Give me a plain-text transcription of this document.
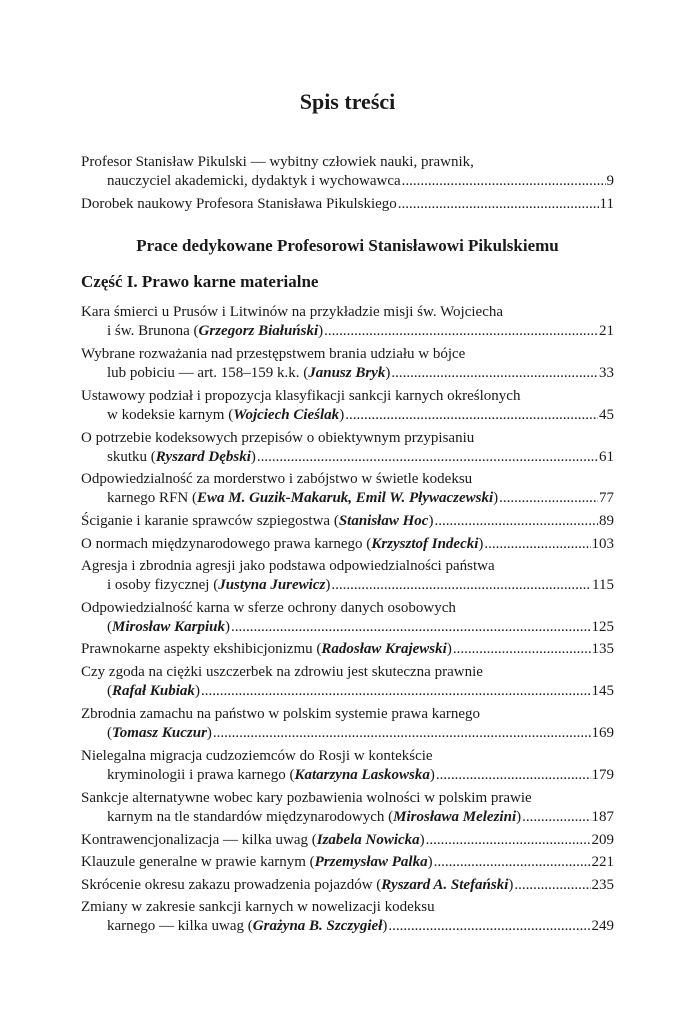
Spis treści
Profesor Stanisław Pikulski — wybitny człowiek nauki, prawnik,
nauczyciel akademicki, dydaktyk i wychowawca .....	9
Dorobek naukowy Profesora Stanisława Pikulskiego .....	11
Prace dedykowane Profesorowi Stanisławowi Pikulskiemu
Część I. Prawo karne materialne
Kara śmierci u Prusów i Litwinów na przykładzie misji św. Wojciecha
i św. Brunona (Grzegorz Białuński) .....	21
Wybrane rozważania nad przestępstwem brania udziału w bójce
lub pobiciu — art. 158–159 k.k. (Janusz Bryk) .....	33
Ustawowy podział i propozycja klasyfikacji sankcji karnych określonych
w kodeksie karnym (Wojciech Cieślak) .....	45
O potrzebie kodeksowych przepisów o obiektywnym przypisaniu
skutku (Ryszard Dębski) .....	61
Odpowiedzialność za morderstwo i zabójstwo w świetle kodeksu
karnego RFN (Ewa M. Guzik-Makaruk, Emil W. Pływaczewski) .....	77
Ściganie i karanie sprawców szpiegostwa (Stanisław Hoc) .....	89
O normach międzynarodowego prawa karnego (Krzysztof Indecki) .....	103
Agresja i zbrodnia agresji jako podstawa odpowiedzialności państwa
i osoby fizycznej (Justyna Jurewicz) .....	115
Odpowiedzialność karna w sferze ochrony danych osobowych
(Mirosław Karpiuk) .....	125
Prawnokarne aspekty ekshibicjonizmu (Radosław Krajewski) .....	135
Czy zgoda na ciężki uszczerbek na zdrowiu jest skuteczna prawnie
(Rafał Kubiak) .....	145
Zbrodnia zamachu na państwo w polskim systemie prawa karnego
(Tomasz Kuczur) .....	169
Nielegalna migracja cudzoziemców do Rosji w kontekście
kryminologii i prawa karnego (Katarzyna Laskowska) .....	179
Sankcje alternatywne wobec kary pozbawienia wolności w polskim prawie
karnym na tle standardów międzynarodowych (Mirosława Melezini) .....	187
Kontrawencjonalizacja — kilka uwag (Izabela Nowicka) .....	209
Klauzule generalne w prawie karnym (Przemysław Palka) .....	221
Skrócenie okresu zakazu prowadzenia pojazdów (Ryszard A. Stefański) .....	235
Zmiany w zakresie sankcji karnych w nowelizacji kodeksu
karnego — kilka uwag (Grażyna B. Szczygieł) .....	249
